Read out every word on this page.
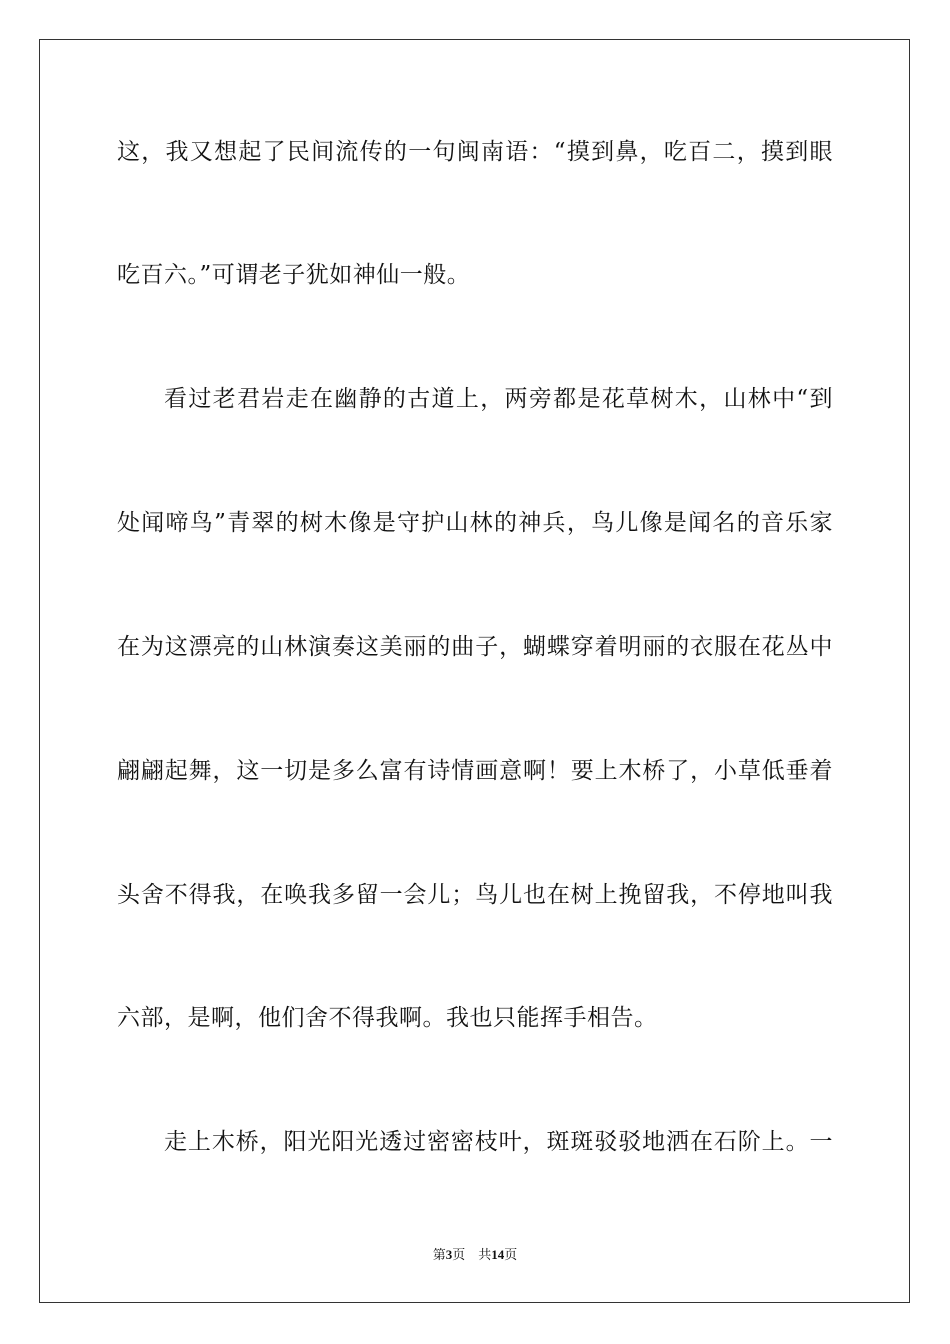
这，我又想起了民间流传的一句闽南语：“摸到鼻，吃百二，摸到眼
吃百六。”可谓老子犹如神仙一般。
看过老君岩走在幽静的古道上，两旁都是花草树木，山林中“到
处闻啼鸟”青翠的树木像是守护山林的神兵，鸟儿像是闻名的音乐家
在为这漂亮的山林演奏这美丽的曲子，蝴蝶穿着明丽的衣服在花丛中
翩翩起舞，这一切是多么富有诗情画意啊！要上木桥了，小草低垂着
头舍不得我，在唤我多留一会儿；鸟儿也在树上挽留我，不停地叫我
六部，是啊，他们舍不得我啊。我也只能挥手相告。
走上木桥，阳光阳光透过密密枝叶，斑斑驳驳地洒在石阶上。一
第3页 共14页
